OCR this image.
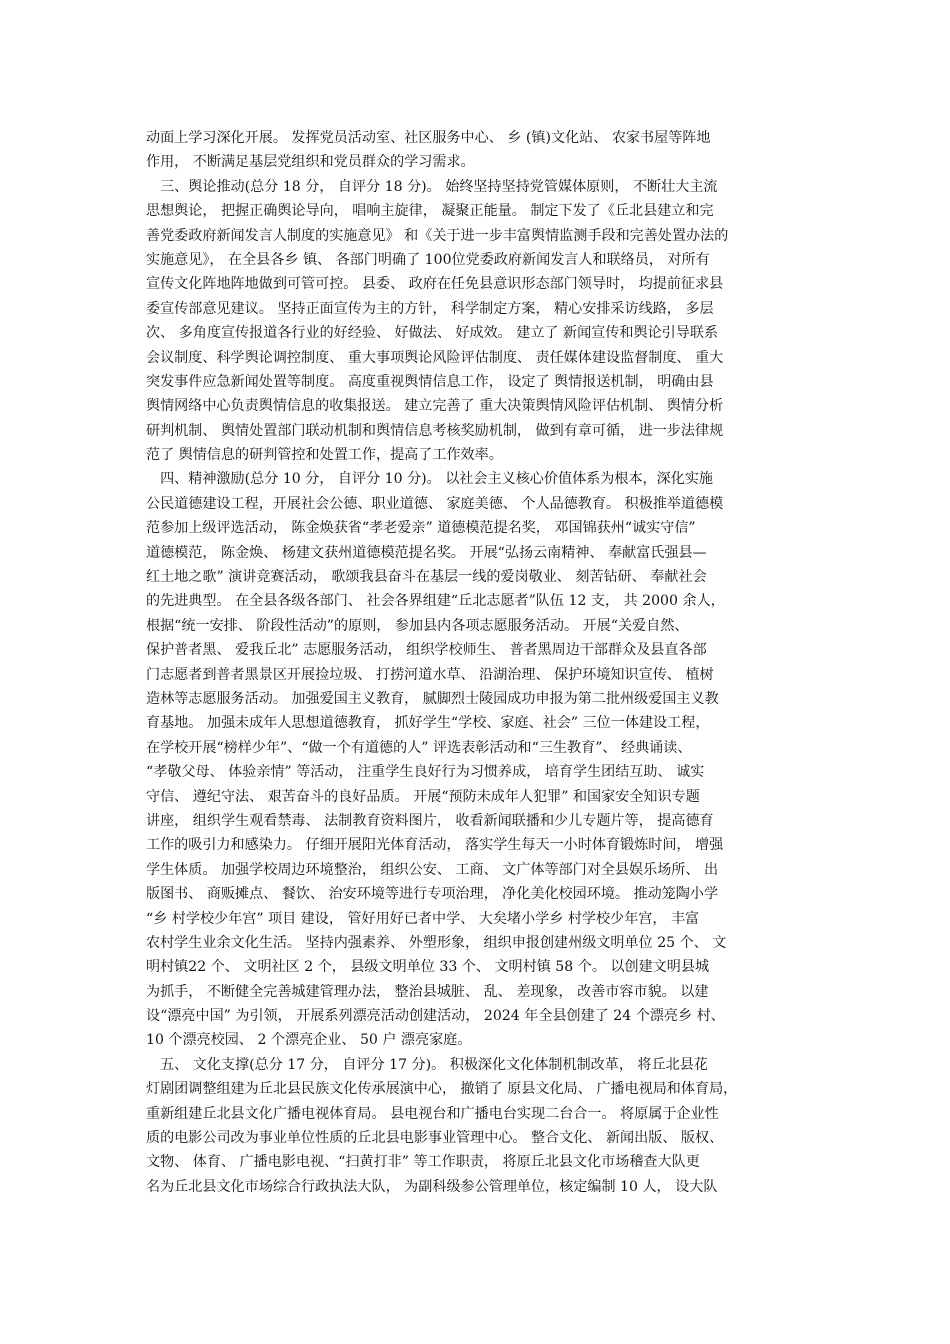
动面上学习深化开展。 发挥党员活动室、社区服务中心、 乡 (镇)文化站、 农家书屋等阵地
作用， 不断满足基层党组织和党员群众的学习需求。
　三、舆论推动(总分 18 分， 自评分 18 分)。 始终坚持坚持党管媒体原则， 不断壮大主流
思想舆论， 把握正确舆论导向， 唱响主旋律， 凝聚正能量。 制定下发了《丘北县建立和完
善党委政府新闻发言人制度的实施意见》 和《关于进一步丰富舆情监测手段和完善处置办法的
实施意见》， 在全县各乡 镇、 各部门明确了 100位党委政府新闻发言人和联络员， 对所有
宣传文化阵地阵地做到可管可控。 县委、 政府在任免县意识形态部门领导时， 均提前征求县
委宣传部意见建议。 坚持正面宣传为主的方针， 科学制定方案， 精心安排采访线路， 多层
次、 多角度宣传报道各行业的好经验、 好做法、 好成效。 建立了 新闻宣传和舆论引导联系
会议制度、科学舆论调控制度、 重大事项舆论风险评估制度、 责任媒体建设监督制度、 重大
突发事件应急新闻处置等制度。 高度重视舆情信息工作， 设定了 舆情报送机制， 明确由县
舆情网络中心负责舆情信息的收集报送。 建立完善了 重大决策舆情风险评估机制、 舆情分析
研判机制、 舆情处置部门联动机制和舆情信息考核奖励机制， 做到有章可循， 进一步法律规
范了 舆情信息的研判管控和处置工作，提高了工作效率。
　四、精神激励(总分 10 分， 自评分 10 分)。 以社会主义核心价值体系为根本，深化实施
公民道德建设工程，开展社会公德、职业道德、 家庭美德、 个人品德教育。 积极推举道德模
范参加上级评选活动， 陈金焕获省“孝老爱亲” 道德模范提名奖， 邓国锦获州“诚实守信”
道德模范， 陈金焕、 杨建文获州道德模范提名奖。 开展“弘扬云南精神、 奉献富氏强县—
红土地之歌” 演讲竞赛活动， 歌颂我县奋斗在基层一线的爱岗敬业、 刻苦钻研、 奉献社会
的先进典型。 在全县各级各部门、 社会各界组建“丘北志愿者”队伍 12 支， 共 2000 余人，
根据“统一安排、 阶段性活动”的原则， 参加县内各项志愿服务活动。 开展“关爱自然、
保护普者黑、 爱我丘北” 志愿服务活动， 组织学校师生、 普者黑周边干部群众及县直各部
门志愿者到普者黑景区开展捡垃圾、 打捞河道水草、 沿湖治理、 保护环境知识宣传、 植树
造林等志愿服务活动。 加强爱国主义教育， 腻脚烈士陵园成功申报为第二批州级爱国主义教
育基地。 加强未成年人思想道德教育， 抓好学生“学校、家庭、社会” 三位一体建设工程，
在学校开展“榜样少年”、“做一个有道德的人” 评选表彰活动和“三生教育”、 经典诵读、
“孝敬父母、 体验亲情” 等活动， 注重学生良好行为习惯养成， 培育学生团结互助、 诚实
守信、 遵纪守法、 艰苦奋斗的良好品质。 开展“预防未成年人犯罪” 和国家安全知识专题
讲座， 组织学生观看禁毒、 法制教育资料图片， 收看新闻联播和少儿专题片等， 提高德育
工作的吸引力和感染力。 仔细开展阳光体育活动， 落实学生每天一小时体育锻炼时间， 增强
学生体质。 加强学校周边环境整治， 组织公安、 工商、 文广体等部门对全县娱乐场所、 出
版图书、 商贩摊点、 餐饮、 治安环境等进行专项治理， 净化美化校园环境。 推动笼陶小学
“乡 村学校少年宫” 项目 建设， 管好用好已者中学、 大矣堵小学乡 村学校少年宫， 丰富
农村学生业余文化生活。 坚持内强素养、 外塑形象， 组织申报创建州级文明单位 25 个、 文
明村镇22 个、 文明社区 2 个， 县级文明单位 33 个、 文明村镇 58 个。 以创建文明县城
为抓手， 不断健全完善城建管理办法， 整治县城脏、 乱、 差现象， 改善市容市貌。 以建
设“漂亮中国” 为引领， 开展系列漂亮活动创建活动， 2024 年全县创建了 24 个漂亮乡 村、
10 个漂亮校园、 2 个漂亮企业、 50 户 漂亮家庭。
　五、 文化支撑(总分 17 分， 自评分 17 分)。 积极深化文化体制机制改革， 将丘北县花
灯剧团调整组建为丘北县民族文化传承展演中心， 撤销了 原县文化局、 广播电视局和体育局，
重新组建丘北县文化广播电视体育局。 县电视台和广播电台实现二台合一。 将原属于企业性
质的电影公司改为事业单位性质的丘北县电影事业管理中心。 整合文化、 新闻出版、 版权、
文物、 体育、 广播电影电视、“扫黄打非” 等工作职责， 将原丘北县文化市场稽查大队更
名为丘北县文化市场综合行政执法大队， 为副科级参公管理单位，核定编制 10 人， 设大队
